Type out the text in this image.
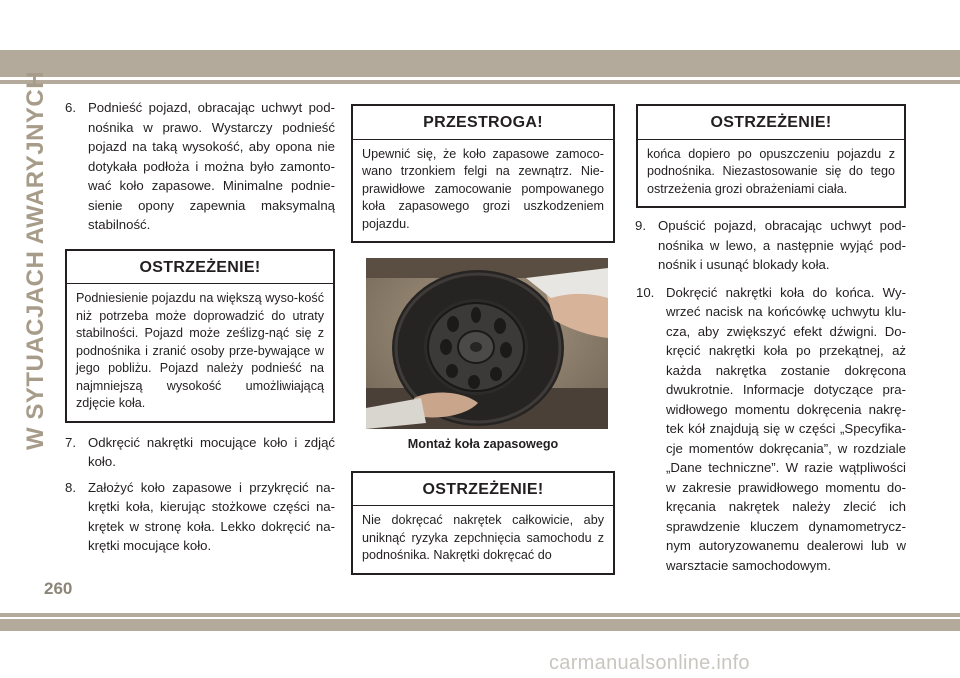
W SYTUACJACH AWARYJNYCH 6. Podnieść pojazd, obracając uchwyt pod-nośnika w prawo. Wystarczy podnieść pojazd na taką wysokość, aby opona nie dotykała podłoża i można było zamonto-wać koło zapasowe. Minimalne podnie-sienie opony zapewnia maksymalną stabilność.
OSTRZEŻENIE!
Podniesienie pojazdu na większą wyso-kość niż potrzeba może doprowadzić do utraty stabilności. Pojazd może ześlizg-nąć się z podnośnika i zranić osoby prze-bywające w jego pobliżu. Pojazd należy podnieść na najmniejszą wysokość umożliwiającą zdjęcie koła.
7. Odkręcić nakrętki mocujące koło i zdjąć koło.
8. Założyć koło zapasowe i przykręcić na-krętki koła, kierując stożkowe części na-krętek w stronę koła. Lekko dokręcić na-krętki mocujące koło.
PRZESTROGA!
Upewnić się, że koło zapasowe zamoco-wano trzonkiem felgi na zewnątrz. Nie-prawidłowe zamocowanie pompowanego koła zapasowego grozi uszkodzeniem pojazdu.
Montaż koła zapasowego
OSTRZEŻENIE!
Nie dokręcać nakrętek całkowicie, aby uniknąć ryzyka zepchnięcia samochodu z podnośnika. Nakrętki dokręcać do
OSTRZEŻENIE!
końca dopiero po opuszczeniu pojazdu z podnośnika. Niezastosowanie się do tego ostrzeżenia grozi obrażeniami ciała.
9. Opuścić pojazd, obracając uchwyt pod-nośnika w lewo, a następnie wyjąć pod-nośnik i usunąć blokady koła.
10. Dokręcić nakrętki koła do końca. Wy-wrzeć nacisk na końcówkę uchwytu klu-cza, aby zwiększyć efekt dźwigni. Do-kręcić nakrętki koła po przekątnej, aż każda nakrętka zostanie dokręcona dwukrotnie. Informacje dotyczące pra-widłowego momentu dokręcenia nakrę-tek kół znajdują się w części „Specyfika-cje momentów dokręcania”, w rozdziale „Dane techniczne”. W razie wątpliwości w zakresie prawidłowego momentu do-kręcania nakrętek należy zlecić ich sprawdzenie kluczem dynamometrycz-nym autoryzowanemu dealerowi lub w warsztacie samochodowym.
260
carmanualsonline.info
